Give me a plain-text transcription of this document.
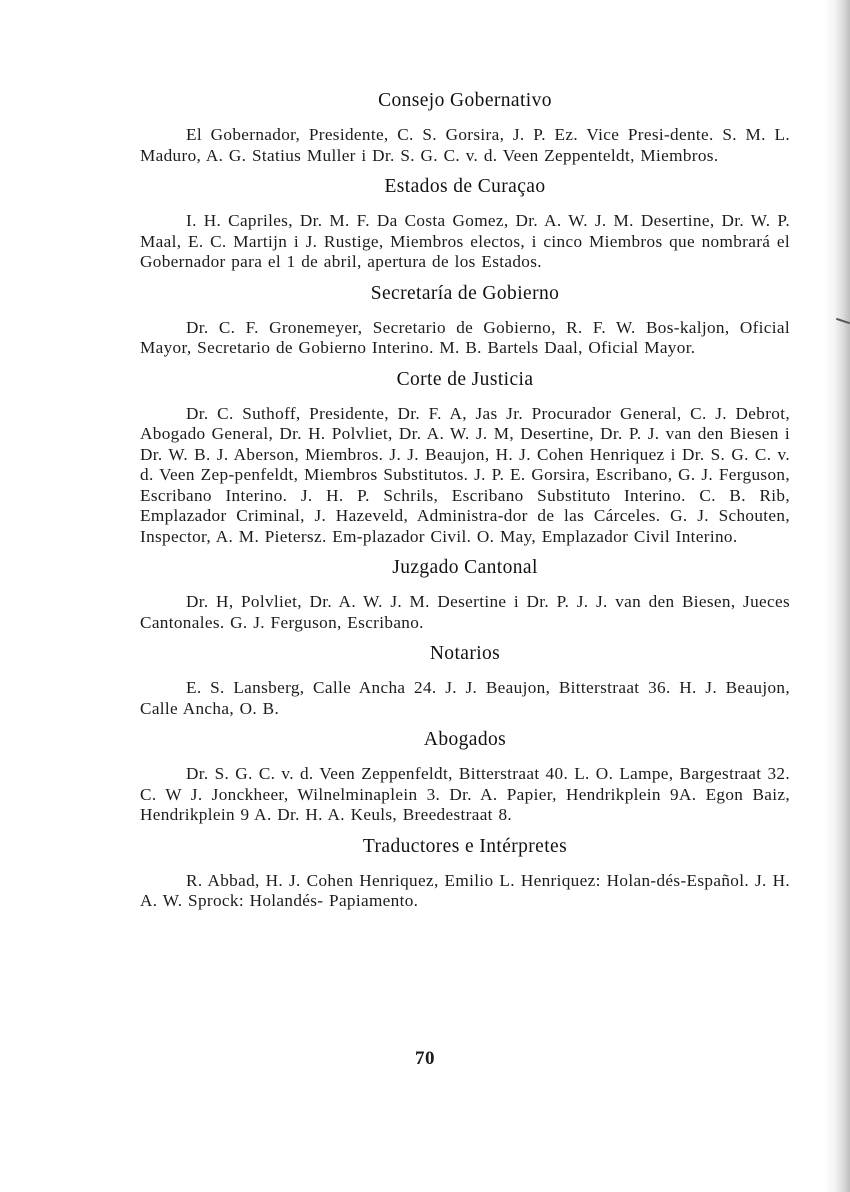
Consejo Gobernativo

El Gobernador, Presidente, C. S. Gorsira, J. P. Ez. Vice Presi-dente. S. M. L. Maduro, A. G. Statius Muller i Dr. S. G. C. v. d. Veen Zeppenteldt, Miembros.

Estados de Curaçao

I. H. Capriles, Dr. M. F. Da Costa Gomez, Dr. A. W. J. M. Desertine, Dr. W. P. Maal, E. C. Martijn i J. Rustige, Miembros electos, i cinco Miembros que nombrará el Gobernador para el 1 de abril, apertura de los Estados.

Secretaría de Gobierno

Dr. C. F. Gronemeyer, Secretario de Gobierno, R. F. W. Bos-kaljon, Oficial Mayor, Secretario de Gobierno Interino. M. B. Bartels Daal, Oficial Mayor.

Corte de Justicia

Dr. C. Suthoff, Presidente, Dr. F. A, Jas Jr. Procurador General, C. J. Debrot, Abogado General, Dr. H. Polvliet, Dr. A. W. J. M, Desertine, Dr. P. J. van den Biesen i Dr. W. B. J. Aberson, Miembros. J. J. Beaujon, H. J. Cohen Henriquez i Dr. S. G. C. v. d. Veen Zep-penfeldt, Miembros Substitutos. J. P. E. Gorsira, Escribano, G. J. Ferguson, Escribano Interino. J. H. P. Schrils, Escribano Substituto Interino. C. B. Rib, Emplazador Criminal, J. Hazeveld, Administra-dor de las Cárceles. G. J. Schouten, Inspector, A. M. Pietersz. Em-plazador Civil. O. May, Emplazador Civil Interino.

Juzgado Cantonal

Dr. H, Polvliet, Dr. A. W. J. M. Desertine i Dr. P. J. J. van den Biesen, Jueces Cantonales. G. J. Ferguson, Escribano.

Notarios

E. S. Lansberg, Calle Ancha 24. J. J. Beaujon, Bitterstraat 36. H. J. Beaujon, Calle Ancha, O. B.

Abogados

Dr. S. G. C. v. d. Veen Zeppenfeldt, Bitterstraat 40. L. O. Lampe, Bargestraat 32. C. W J. Jonckheer, Wilnelminaplein 3. Dr. A. Papier, Hendrikplein 9A. Egon Baiz, Hendrikplein 9 A. Dr. H. A. Keuls, Breedestraat 8.

Traductores e Intérpretes

R. Abbad, H. J. Cohen Henriquez, Emilio L. Henriquez: Holan-dés-Español. J. H. A. W. Sprock: Holandés- Papiamento.

70
